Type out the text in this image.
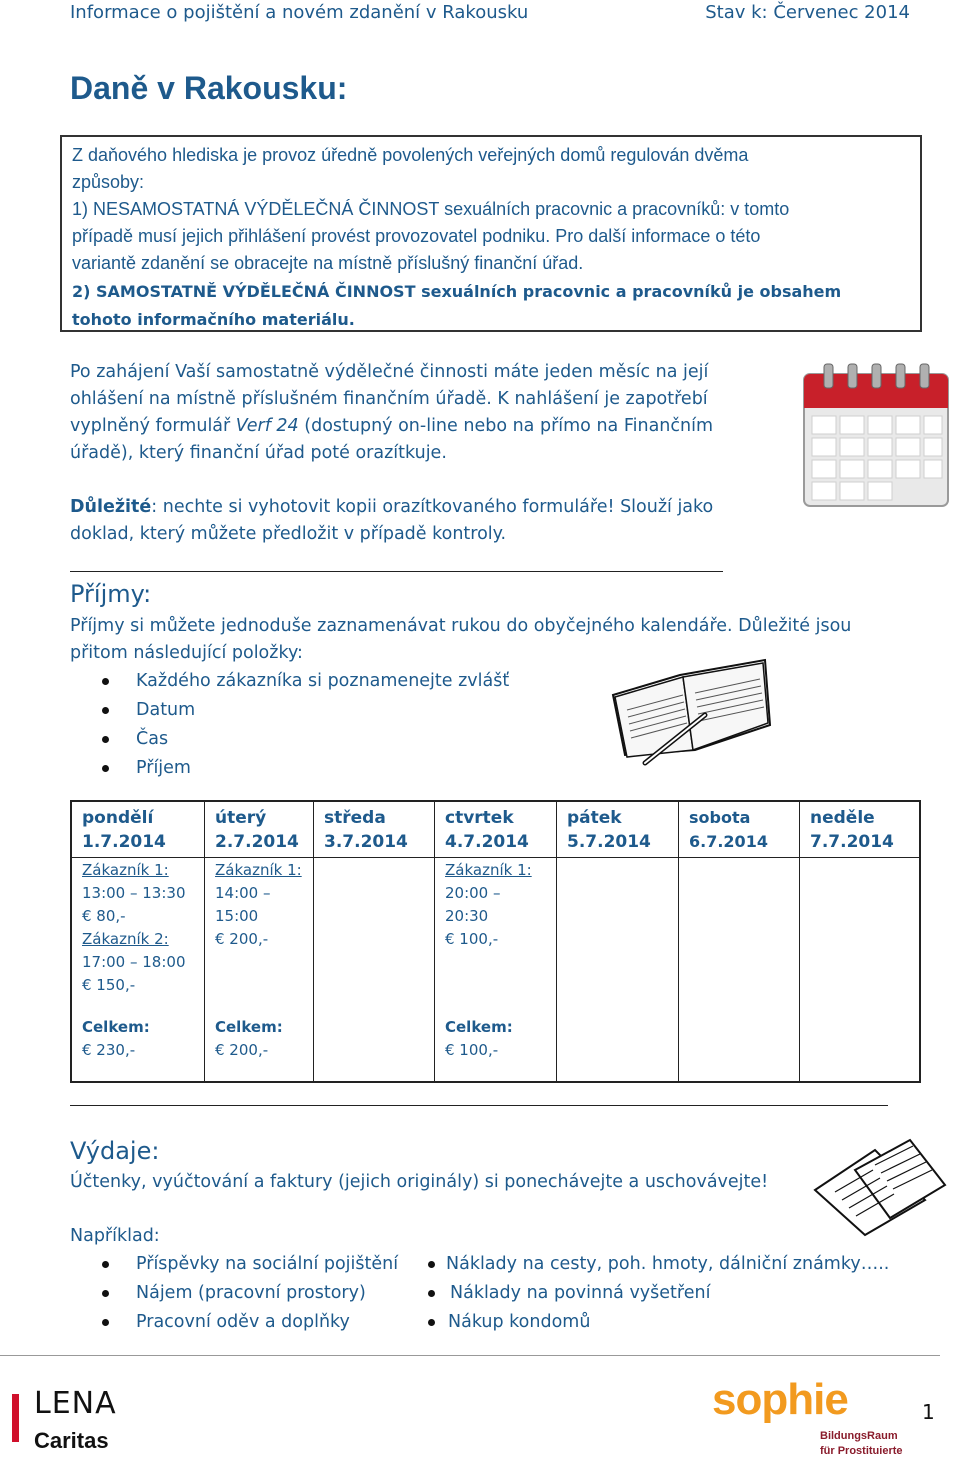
Informace o pojištění a novém zdanění v Rakousku	Stav k: Červenec 2014
Daně v Rakousku:

Z daňového hlediska je provoz úředně povolených veřejných domů regulován dvěma

způsoby:

1) NESAMOSTATNÁ VÝDĚLEČNÁ ČINNOST sexuálních pracovnic a pracovníků: v tomto

případě musí jejich přihlášení provést provozovatel podniku. Pro další informace o této

variantě zdanění se obracejte na místně příslušný finanční úřad.

2) SAMOSTATNĚ VÝDĚLEČNÁ ČINNOST sexuálních pracovnic a pracovníků je obsahem

tohoto informačního materiálu.

Po zahájení Vaší samostatně výdělečné činnosti máte jeden měsíc na její
ohlášení na místně příslušném finančním úřadě. K nahlášení je zapotřebí
vyplněný formulář Verf 24 (dostupný on-line nebo na přímo na Finančním
úřadě), který finanční úřad poté orazítkuje.
Důležité: nechte si vyhotovit kopii orazítkovaného formuláře! Slouží jako
doklad, který můžete předložit v případě kontroly.
Příjmy:
Příjmy si můžete jednoduše zaznamenávat rukou do obyčejného kalendáře. Důležité jsou
přitom následující položky:
Každého zákazníka si poznamenejte zvlášť
Datum
Čas
Příjem
pondělí
1.7.2014
Zákazník 1:
13:00 – 13:30
€ 80,-
Zákazník 2:
17:00 – 18:00
€ 150,-
Celkem:
€ 230,-
úterý
2.7.2014
Zákazník 1:
14:00 –
15:00
€ 200,-
Celkem:
€ 200,-
středa
3.7.2014
ctvrtek
4.7.2014
Zákazník 1:
20:00 –
20:30
€ 100,-
Celkem:
€ 100,-
pátek
5.7.2014
sobota
6.7.2014
neděle
7.7.2014
Výdaje:
Účtenky, vyúčtování a faktury (jejich originály) si ponechávejte a uschovávejte!
Například:
Příspěvky na sociální pojištění
Nájem (pracovní prostory)
Pracovní oděv a doplňky
Náklady na cesty, poh. hmoty, dálniční známky…..
Náklady na povinná vyšetření
Nákup kondomů
LENA
Caritas
sophie
BildungsRaum
für Prostituierte
1
